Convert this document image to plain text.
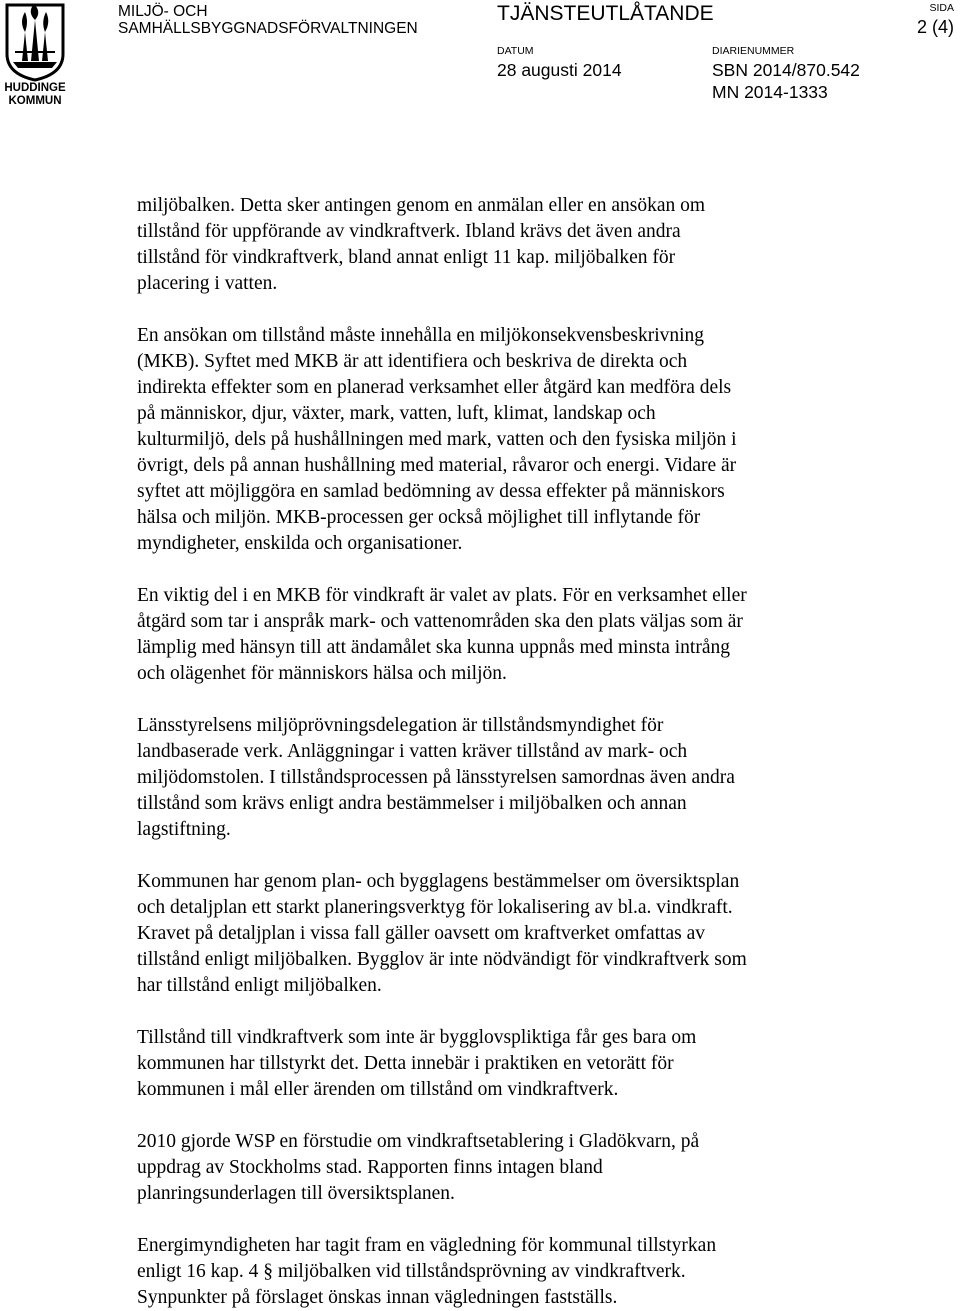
HUDDINGE
KOMMUN
MILJÖ- OCH
SAMHÄLLSBYGGNADSFÖRVALTNINGEN
TJÄNSTEUTLÅTANDE	SIDA
2 (4)
DATUM
28 augusti 2014
DIARIENUMMER
SBN 2014/870.542
MN 2014-1333

miljöbalken. Detta sker antingen genom en anmälan eller en ansökan om
tillstånd för uppförande av vindkraftverk. Ibland krävs det även andra
tillstånd för vindkraftverk, bland annat enligt 11 kap. miljöbalken för
placering i vatten.

En ansökan om tillstånd måste innehålla en miljökonsekvensbeskrivning
(MKB). Syftet med MKB är att identifiera och beskriva de direkta och
indirekta effekter som en planerad verksamhet eller åtgärd kan medföra dels
på människor, djur, växter, mark, vatten, luft, klimat, landskap och
kulturmiljö, dels på hushållningen med mark, vatten och den fysiska miljön i
övrigt, dels på annan hushållning med material, råvaror och energi. Vidare är
syftet att möjliggöra en samlad bedömning av dessa effekter på människors
hälsa och miljön. MKB-processen ger också möjlighet till inflytande för
myndigheter, enskilda och organisationer.

En viktig del i en MKB för vindkraft är valet av plats. För en verksamhet eller
åtgärd som tar i anspråk mark- och vattenområden ska den plats väljas som är
lämplig med hänsyn till att ändamålet ska kunna uppnås med minsta intrång
och olägenhet för människors hälsa och miljön.

Länsstyrelsens miljöprövningsdelegation är tillståndsmyndighet för
landbaserade verk. Anläggningar i vatten kräver tillstånd av mark- och
miljödomstolen. I tillståndsprocessen på länsstyrelsen samordnas även andra
tillstånd som krävs enligt andra bestämmelser i miljöbalken och annan
lagstiftning.

Kommunen har genom plan- och bygglagens bestämmelser om översiktsplan
och detaljplan ett starkt planeringsverktyg för lokalisering av bl.a. vindkraft.
Kravet på detaljplan i vissa fall gäller oavsett om kraftverket omfattas av
tillstånd enligt miljöbalken. Bygglov är inte nödvändigt för vindkraftverk som
har tillstånd enligt miljöbalken.

Tillstånd till vindkraftverk som inte är bygglovspliktiga får ges bara om
kommunen har tillstyrkt det. Detta innebär i praktiken en vetorätt för
kommunen i mål eller ärenden om tillstånd om vindkraftverk.

2010 gjorde WSP en förstudie om vindkraftsetablering i Gladökvarn, på
uppdrag av Stockholms stad. Rapporten finns intagen bland
planringsunderlagen till översiktsplanen.

Energimyndigheten har tagit fram en vägledning för kommunal tillstyrkan
enligt 16 kap. 4 § miljöbalken vid tillståndsprövning av vindkraftverk.
Synpunkter på förslaget önskas innan vägledningen fastställs.
